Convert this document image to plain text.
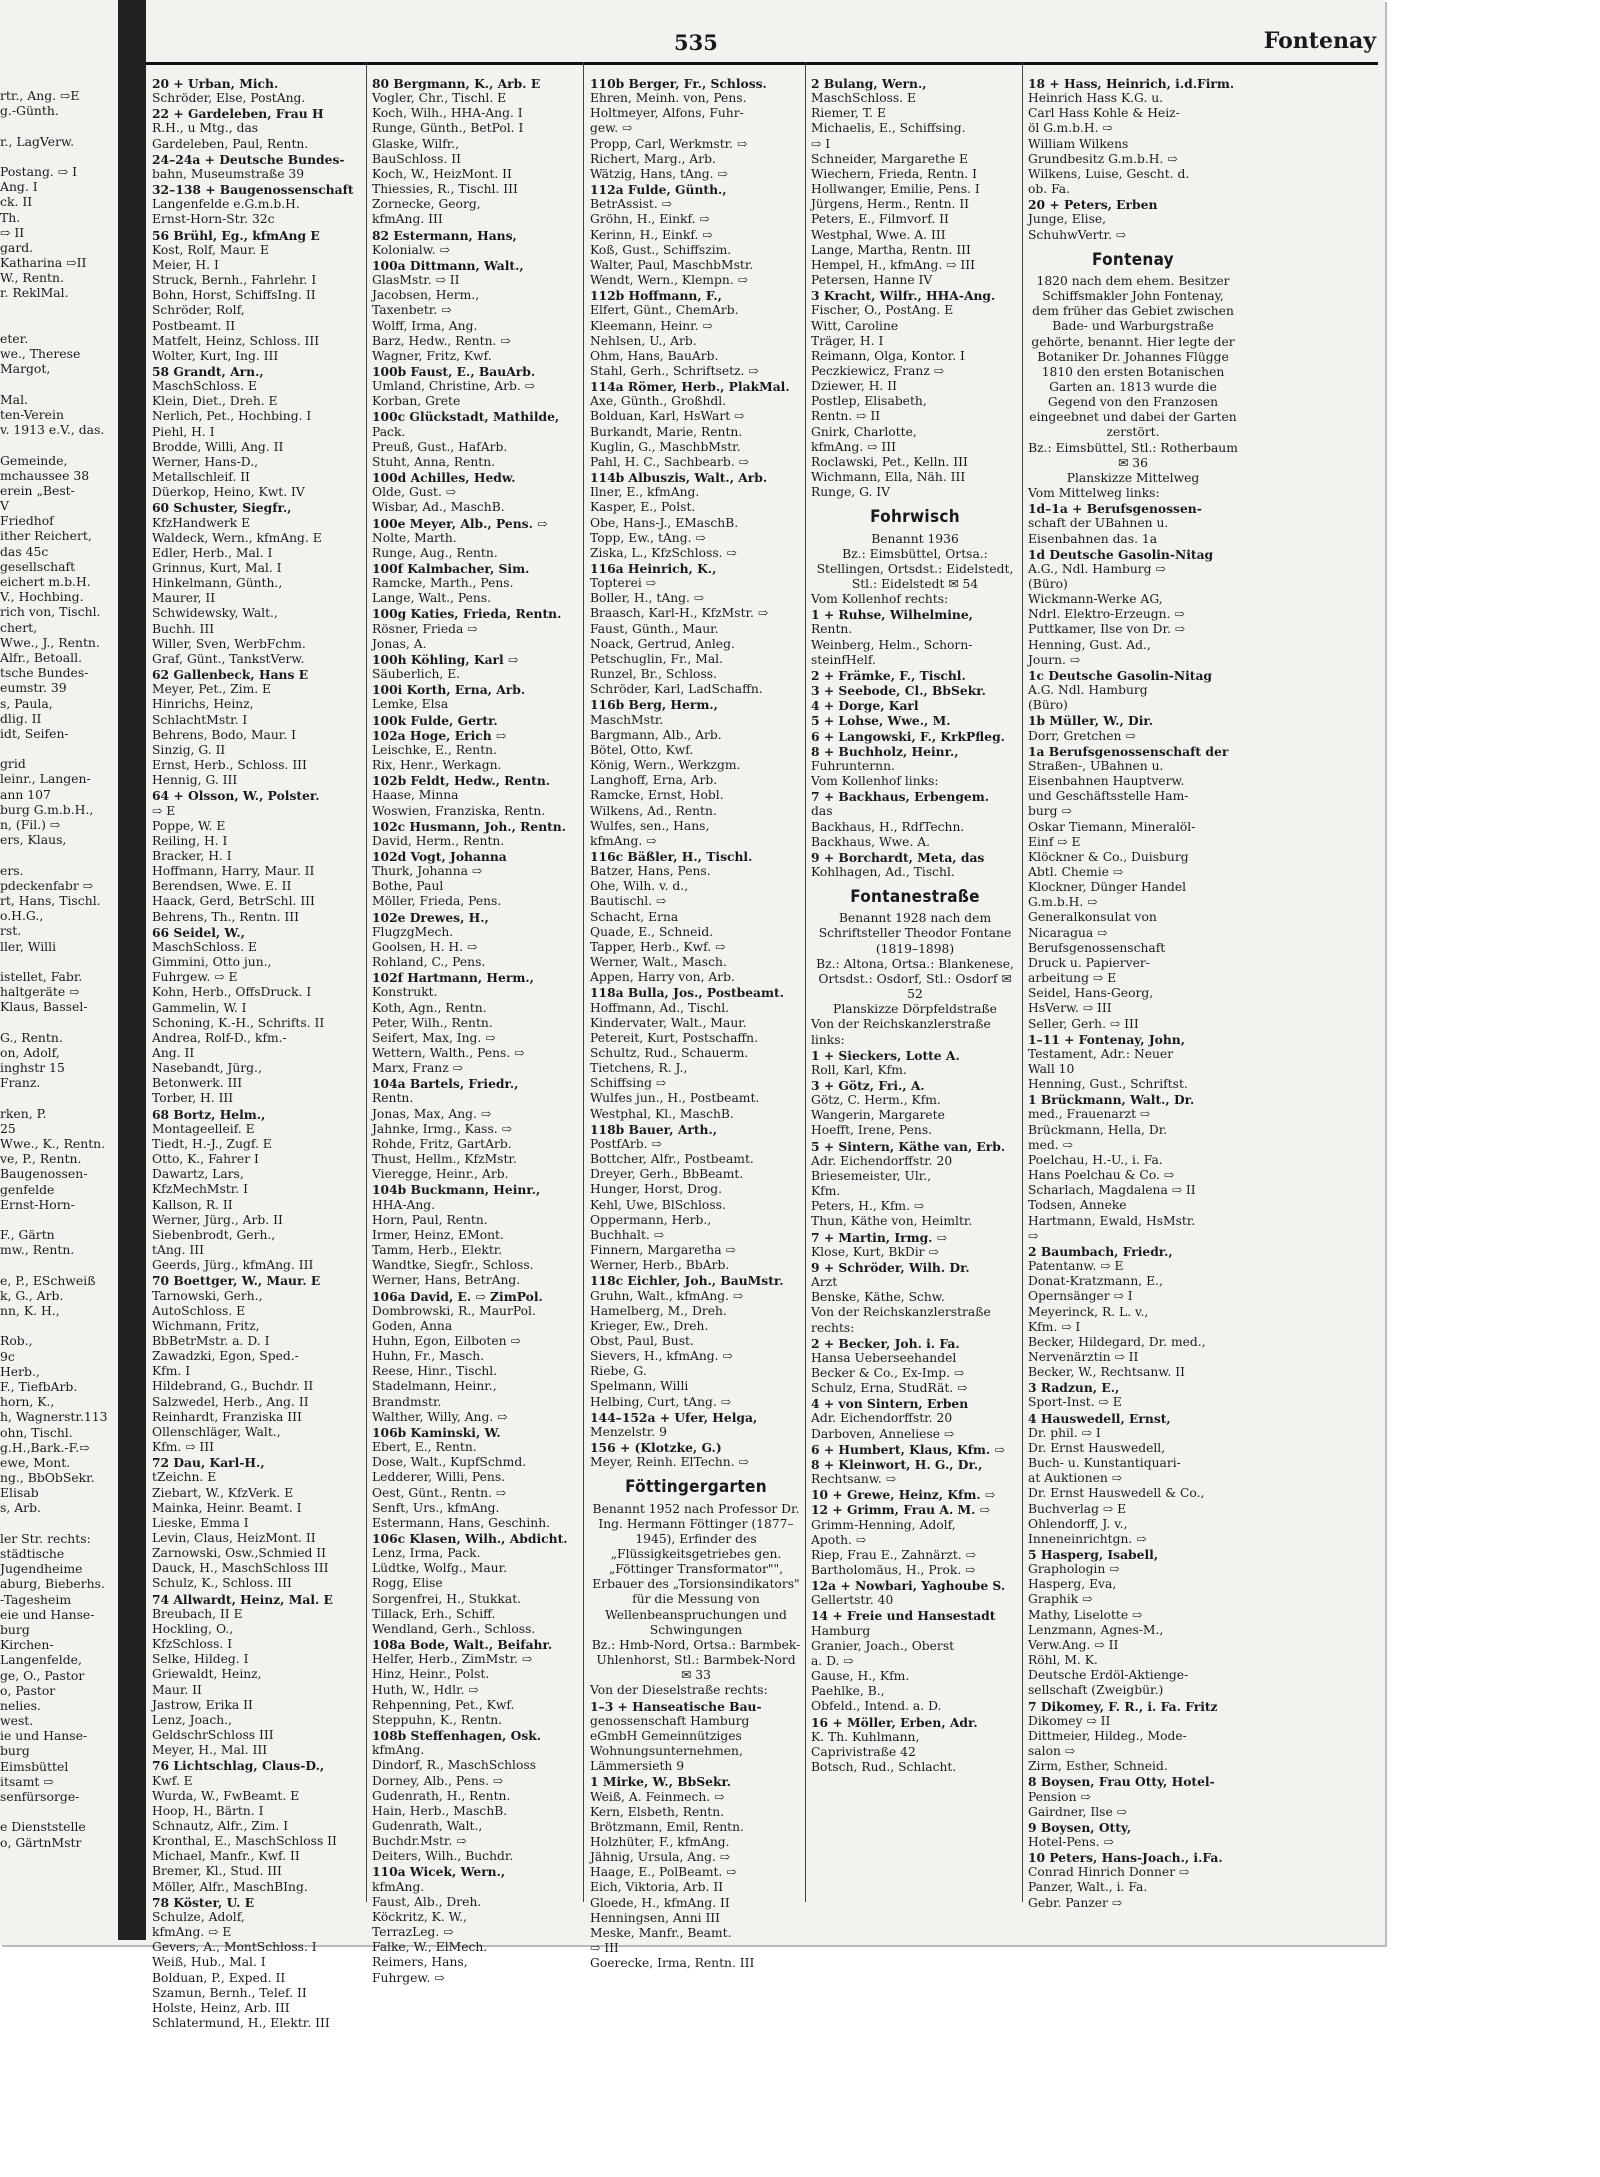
rtr., Ang. ⇨E
g.-Günth.
r., LagVerw.
Postang. ⇨ I
Ang. I
ck. II
Th.
⇨ II
gard.
Katharina ⇨II
W., Rentn.
r. ReklMal.
eter.
we., Therese
Margot,
Mal.
ten-Verein
v. 1913 e.V., das.
Gemeinde,
mchaussee 38
erein „Best-
V
Friedhof
ither Reichert,
das 45c
gesellschaft
eichert m.b.H.
V., Hochbing.
rich von, Tischl.
chert,
Wwe., J., Rentn.
Alfr., Betoall.
tsche Bundes-
eumstr. 39
s, Paula,
dlig. II
idt, Seifen-
grid
leinr., Langen-
ann 107
burg G.m.b.H.,
n, (Fil.) ⇨
ers, Klaus,
ers.
pdeckenfabr ⇨
rt, Hans, Tischl.
o.H.G.,
rst.
ller, Willi
istellet, Fabr.
haltgeräte ⇨
Klaus, Bassel-
G., Rentn.
on, Adolf,
inghstr 15
Franz.
rken, P.
25
Wwe., K., Rentn.
ve, P., Rentn.
Baugenossen-
genfelde
Ernst-Horn-
F., Gärtn
mw., Rentn.
e, P., ESchweiß
k, G., Arb.
nn, K. H.,
Rob.,
9c
Herb.,
F., TiefbArb.
horn, K.,
h, Wagnerstr.113
ohn, Tischl.
g.H.,Bark.-F.⇨
ewe, Mont.
ng., BbObSekr.
Elisab
s, Arb.
ler Str. rechts:
städtische
Jugendheime
aburg, Bieberhs.
-Tagesheim
eie und Hanse-
burg
Kirchen-
Langenfelde,
ge, O., Pastor
o, Pastor
nelies.
west.
ie und Hanse-
burg
Eimsbüttel
itsamt ⇨
senfürsorge-
e Dienststelle
o, GärtnMstr
535	Fontenay
20 + Urban, Mich.
Schröder, Else, PostAng.
22 + Gardeleben, Frau H
R.H., u Mtg., das
Gardeleben, Paul, Rentn.
24–24a + Deutsche Bundes-
bahn, Museumstraße 39
32–138 + Baugenossenschaft
Langenfelde e.G.m.b.H.
Ernst-Horn-Str. 32c
56 Brühl, Eg., kfmAng E
Kost, Rolf, Maur. E
Meier, H. I
Struck, Bernh., Fahrlehr. I
Bohn, Horst, SchiffsIng. II
Schröder, Rolf,
Postbeamt. II
Matfelt, Heinz, Schloss. III
Wolter, Kurt, Ing. III
58 Grandt, Arn.,
MaschSchloss. E
Klein, Diet., Dreh. E
Nerlich, Pet., Hochbing. I
Piehl, H. I
Brodde, Willi, Ang. II
Werner, Hans-D.,
Metallschleif. II
Düerkop, Heino, Kwt. IV
60 Schuster, Siegfr.,
KfzHandwerk E
Waldeck, Wern., kfmAng. E
Edler, Herb., Mal. I
Grinnus, Kurt, Mal. I
Hinkelmann, Günth.,
Maurer, II
Schwidewsky, Walt.,
Buchh. III
Willer, Sven, WerbFchm.
Graf, Günt., TankstVerw.
62 Gallenbeck, Hans E
Meyer, Pet., Zim. E
Hinrichs, Heinz,
SchlachtMstr. I
Behrens, Bodo, Maur. I
Sinzig, G. II
Ernst, Herb., Schloss. III
Hennig, G. III
64 + Olsson, W., Polster.
⇨ E
Poppe, W. E
Reiling, H. I
Bracker, H. I
Hoffmann, Harry, Maur. II
Berendsen, Wwe. E. II
Haack, Gerd, BetrSchl. III
Behrens, Th., Rentn. III
66 Seidel, W.,
MaschSchloss. E
Gimmini, Otto jun.,
Fuhrgew. ⇨ E
Kohn, Herb., OffsDruck. I
Gammelin, W. I
Schoning, K.-H., Schrifts. II
Andrea, Rolf-D., kfm.-
Ang. II
Nasebandt, Jürg.,
Betonwerk. III
Torber, H. III
68 Bortz, Helm.,
Montageelleif. E
Tiedt, H.-J., Zugf. E
Otto, K., Fahrer I
Dawartz, Lars,
KfzMechMstr. I
Kallson, R. II
Werner, Jürg., Arb. II
Siebenbrodt, Gerh.,
tAng. III
Geerds, Jürg., kfmAng. III
70 Boettger, W., Maur. E
Tarnowski, Gerh.,
AutoSchloss. E
Wichmann, Fritz,
BbBetrMstr. a. D. I
Zawadzki, Egon, Sped.-
Kfm. I
Hildebrand, G., Buchdr. II
Salzwedel, Herb., Ang. II
Reinhardt, Franziska III
Ollenschläger, Walt.,
Kfm. ⇨ III
72 Dau, Karl-H.,
tZeichn. E
Ziebart, W., KfzVerk. E
Mainka, Heinr. Beamt. I
Lieske, Emma I
Levin, Claus, HeizMont. II
Zarnowski, Osw.,Schmied II
Dauck, H., MaschSchloss III
Schulz, K., Schloss. III
74 Allwardt, Heinz, Mal. E
Breubach, II E
Hockling, O.,
KfzSchloss. I
Selke, Hildeg. I
Griewaldt, Heinz,
Maur. II
Jastrow, Erika II
Lenz, Joach.,
GeldschrSchloss III
Meyer, H., Mal. III
76 Lichtschlag, Claus-D.,
Kwf. E
Wurda, W., FwBeamt. E
Hoop, H., Bärtn. I
Schnautz, Alfr., Zim. I
Kronthal, E., MaschSchloss II
Michael, Manfr., Kwf. II
Bremer, Kl., Stud. III
Möller, Alfr., MaschBIng.
78 Köster, U. E
Schulze, Adolf,
kfmAng. ⇨ E
Gevers, A., MontSchloss. I
Weiß, Hub., Mal. I
Bolduan, P., Exped. II
Szamun, Bernh., Telef. II
Holste, Heinz, Arb. III
Schlatermund, H., Elektr. III
80 Bergmann, K., Arb. E
Vogler, Chr., Tischl. E
Koch, Wilh., HHA-Ang. I
Runge, Günth., BetPol. I
Glaske, Wilfr.,
BauSchloss. II
Koch, W., HeizMont. II
Thiessies, R., Tischl. III
Zornecke, Georg,
kfmAng. III
82 Estermann, Hans,
Kolonialw. ⇨
100a Dittmann, Walt.,
GlasMstr. ⇨ II
Jacobsen, Herm.,
Taxenbetr. ⇨
Wolff, Irma, Ang.
Barz, Hedw., Rentn. ⇨
Wagner, Fritz, Kwf.
100b Faust, E., BauArb.
Umland, Christine, Arb. ⇨
Korban, Grete
100c Glückstadt, Mathilde,
Pack.
Preuß, Gust., HafArb.
Stuht, Anna, Rentn.
100d Achilles, Hedw.
Olde, Gust. ⇨
Wisbar, Ad., MaschB.
100e Meyer, Alb., Pens. ⇨
Nolte, Marth.
Runge, Aug., Rentn.
100f Kalmbacher, Sim.
Ramcke, Marth., Pens.
Lange, Walt., Pens.
100g Katies, Frieda, Rentn.
Rösner, Frieda ⇨
Jonas, A.
100h Köhling, Karl ⇨
Säuberlich, E.
100i Korth, Erna, Arb.
Lemke, Elsa
100k Fulde, Gertr.
102a Hoge, Erich ⇨
Leischke, E., Rentn.
Rix, Henr., Werkagn.
102b Feldt, Hedw., Rentn.
Haase, Minna
Woswien, Franziska, Rentn.
102c Husmann, Joh., Rentn.
David, Herm., Rentn.
102d Vogt, Johanna
Thurk, Johanna ⇨
Bothe, Paul
Möller, Frieda, Pens.
102e Drewes, H.,
FlugzgMech.
Goolsen, H. H. ⇨
Rohland, C., Pens.
102f Hartmann, Herm.,
Konstrukt.
Koth, Agn., Rentn.
Peter, Wilh., Rentn.
Seifert, Max, Ing. ⇨
Wettern, Walth., Pens. ⇨
Marx, Franz ⇨
104a Bartels, Friedr.,
Rentn.
Jonas, Max, Ang. ⇨
Jahnke, Irmg., Kass. ⇨
Rohde, Fritz, GartArb.
Thust, Hellm., KfzMstr.
Vieregge, Heinr., Arb.
104b Buckmann, Heinr.,
HHA-Ang.
Horn, Paul, Rentn.
Irmer, Heinz, EMont.
Tamm, Herb., Elektr.
Wandtke, Siegfr., Schloss.
Werner, Hans, BetrAng.
106a David, E. ⇨ ZimPol.
Dombrowski, R., MaurPol.
Goden, Anna
Huhn, Egon, Eilboten ⇨
Huhn, Fr., Masch.
Reese, Hinr., Tischl.
Stadelmann, Heinr.,
Brandmstr.
Walther, Willy, Ang. ⇨
106b Kaminski, W.
Ebert, E., Rentn.
Dose, Walt., KupfSchmd.
Ledderer, Willi, Pens.
Oest, Günt., Rentn. ⇨
Senft, Urs., kfmAng.
Estermann, Hans, Geschinh.
106c Klasen, Wilh., Abdicht.
Lenz, Irma, Pack.
Lüdtke, Wolfg., Maur.
Rogg, Elise
Sorgenfrei, H., Stukkat.
Tillack, Erh., Schiff.
Wendland, Gerh., Schloss.
108a Bode, Walt., Beifahr.
Helfer, Herb., ZimMstr. ⇨
Hinz, Heinr., Polst.
Huth, W., Hdlr. ⇨
Rehpenning, Pet., Kwf.
Steppuhn, K., Rentn.
108b Steffenhagen, Osk.
kfmAng.
Dindorf, R., MaschSchloss
Dorney, Alb., Pens. ⇨
Gudenrath, H., Rentn.
Hain, Herb., MaschB.
Gudenrath, Walt.,
Buchdr.Mstr. ⇨
Deiters, Wilh., Buchdr.
110a Wicek, Wern.,
kfmAng.
Faust, Alb., Dreh.
Köckritz, K. W.,
TerrazLeg. ⇨
Falke, W., ElMech.
Reimers, Hans,
Fuhrgew. ⇨
110b Berger, Fr., Schloss.
Ehren, Meinh. von, Pens.
Holtmeyer, Alfons, Fuhr-
gew. ⇨
Propp, Carl, Werkmstr. ⇨
Richert, Marg., Arb.
Wätzig, Hans, tAng. ⇨
112a Fulde, Günth.,
BetrAssist. ⇨
Gröhn, H., Einkf. ⇨
Kerinn, H., Einkf. ⇨
Koß, Gust., Schiffszim.
Walter, Paul, MaschbMstr.
Wendt, Wern., Klempn. ⇨
112b Hoffmann, F.,
Elfert, Günt., ChemArb.
Kleemann, Heinr. ⇨
Nehlsen, U., Arb.
Ohm, Hans, BauArb.
Stahl, Gerh., Schriftsetz. ⇨
114a Römer, Herb., PlakMal.
Axe, Günth., Großhdl.
Bolduan, Karl, HsWart ⇨
Burkandt, Marie, Rentn.
Kuglin, G., MaschbMstr.
Pahl, H. C., Sachbearb. ⇨
114b Albuszis, Walt., Arb.
Ilner, E., kfmAng.
Kasper, E., Polst.
Obe, Hans-J., EMaschB.
Topp, Ew., tAng. ⇨
Ziska, L., KfzSchloss. ⇨
116a Heinrich, K.,
Topterei ⇨
Boller, H., tAng. ⇨
Braasch, Karl-H., KfzMstr. ⇨
Faust, Günth., Maur.
Noack, Gertrud, Anleg.
Petschuglin, Fr., Mal.
Runzel, Br., Schloss.
Schröder, Karl, LadSchaffn.
116b Berg, Herm.,
MaschMstr.
Bargmann, Alb., Arb.
Bötel, Otto, Kwf.
König, Wern., Werkzgm.
Langhoff, Erna, Arb.
Ramcke, Ernst, Hobl.
Wilkens, Ad., Rentn.
Wulfes, sen., Hans,
kfmAng. ⇨
116c Bäßler, H., Tischl.
Batzer, Hans, Pens.
Ohe, Wilh. v. d.,
Bautischl. ⇨
Schacht, Erna
Quade, E., Schneid.
Tapper, Herb., Kwf. ⇨
Werner, Walt., Masch.
Appen, Harry von, Arb.
118a Bulla, Jos., Postbeamt.
Hoffmann, Ad., Tischl.
Kindervater, Walt., Maur.
Petereit, Kurt, Postschaffn.
Schultz, Rud., Schauerm.
Tietchens, R. J.,
Schiffsing ⇨
Wulfes jun., H., Postbeamt.
Westphal, Kl., MaschB.
118b Bauer, Arth.,
PostfArb. ⇨
Bottcher, Alfr., Postbeamt.
Dreyer, Gerh., BbBeamt.
Hunger, Horst, Drog.
Kehl, Uwe, BlSchloss.
Oppermann, Herb.,
Buchhalt. ⇨
Finnern, Margaretha ⇨
Werner, Herb., BbArb.
118c Eichler, Joh., BauMstr.
Gruhn, Walt., kfmAng. ⇨
Hamelberg, M., Dreh.
Krieger, Ew., Dreh.
Obst, Paul, Bust.
Sievers, H., kfmAng. ⇨
Riebe, G.
Spelmann, Willi
Helbing, Curt, tAng. ⇨
144–152a + Ufer, Helga,
Menzelstr. 9
156 + (Klotzke, G.)
Meyer, Reinh. ElTechn. ⇨
Föttingergarten
Benannt 1952 nach Professor Dr. Ing. Hermann Föttinger (1877–1945), Erfinder des „Flüssigkeitsgetriebes gen. „Föttinger Transformator"", Erbauer des „Torsionsindikators" für die Messung von Wellenbeanspruchungen und Schwingungen
Bz.: Hmb-Nord, Ortsa.: Barmbek-Uhlenhorst, Stl.: Barmbek-Nord ✉ 33
Von der Dieselstraße rechts:
1–3 + Hanseatische Bau-
genossenschaft Hamburg
eGmbH Gemeinnütziges
Wohnungsunternehmen,
Lämmersieth 9
1 Mirke, W., BbSekr.
Weiß, A. Feinmech. ⇨
Kern, Elsbeth, Rentn.
Brötzmann, Emil, Rentn.
Holzhüter, F., kfmAng.
Jähnig, Ursula, Ang. ⇨
Haage, E., PolBeamt. ⇨
Eich, Viktoria, Arb. II
Gloede, H., kfmAng. II
Henningsen, Anni III
Meske, Manfr., Beamt.
⇨ III
Goerecke, Irma, Rentn. III
2 Bulang, Wern.,
MaschSchloss. E
Riemer, T. E
Michaelis, E., Schiffsing.
⇨ I
Schneider, Margarethe E
Wiechern, Frieda, Rentn. I
Hollwanger, Emilie, Pens. I
Jürgens, Herm., Rentn. II
Peters, E., Filmvorf. II
Westphal, Wwe. A. III
Lange, Martha, Rentn. III
Hempel, H., kfmAng. ⇨ III
Petersen, Hanne IV
3 Kracht, Wilfr., HHA-Ang.
Fischer, O., PostAng. E
Witt, Caroline
Träger, H. I
Reimann, Olga, Kontor. I
Peczkiewicz, Franz ⇨
Dziewer, H. II
Postlep, Elisabeth,
Rentn. ⇨ II
Gnirk, Charlotte,
kfmAng. ⇨ III
Roclawski, Pet., Kelln. III
Wichmann, Ella, Näh. III
Runge, G. IV
Fohrwisch
Benannt 1936
Bz.: Eimsbüttel, Ortsa.: Stellingen, Ortsdst.: Eidelstedt, Stl.: Eidelstedt ✉ 54
Vom Kollenhof rechts:
1 + Ruhse, Wilhelmine,
Rentn.
Weinberg, Helm., Schorn-
steinfHelf.
2 + Främke, F., Tischl.
3 + Seebode, Cl., BbSekr.
4 + Dorge, Karl
5 + Lohse, Wwe., M.
6 + Langowski, F., KrkPfleg.
8 + Buchholz, Heinr.,
Fuhrunternn.
Vom Kollenhof links:
7 + Backhaus, Erbengem.
das
Backhaus, H., RdfTechn.
Backhaus, Wwe. A.
9 + Borchardt, Meta, das
Kohlhagen, Ad., Tischl.
Fontanestraße
Benannt 1928 nach dem Schriftsteller Theodor Fontane (1819–1898)
Bz.: Altona, Ortsa.: Blankenese, Ortsdst.: Osdorf, Stl.: Osdorf ✉ 52
Planskizze Dörpfeldstraße
Von der Reichskanzlerstraße
links:
1 + Sieckers, Lotte A.
Roll, Karl, Kfm.
3 + Götz, Fri., A.
Götz, C. Herm., Kfm.
Wangerin, Margarete
Hoefft, Irene, Pens.
5 + Sintern, Käthe van, Erb.
Adr. Eichendorffstr. 20
Briesemeister, Ulr.,
Kfm.
Peters, H., Kfm. ⇨
Thun, Käthe von, Heimltr.
7 + Martin, Irmg. ⇨
Klose, Kurt, BkDir ⇨
9 + Schröder, Wilh. Dr.
Arzt
Benske, Käthe, Schw.
Von der Reichskanzlerstraße
rechts:
2 + Becker, Joh. i. Fa.
Hansa Ueberseehandel
Becker & Co., Ex-Imp. ⇨
Schulz, Erna, StudRät. ⇨
4 + von Sintern, Erben
Adr. Eichendorffstr. 20
Darboven, Anneliese ⇨
6 + Humbert, Klaus, Kfm. ⇨
8 + Kleinwort, H. G., Dr.,
Rechtsanw. ⇨
10 + Grewe, Heinz, Kfm. ⇨
12 + Grimm, Frau A. M. ⇨
Grimm-Henning, Adolf,
Apoth. ⇨
Riep, Frau E., Zahnärzt. ⇨
Bartholomäus, H., Prok. ⇨
12a + Nowbari, Yaghoube S.
Gellertstr. 40
14 + Freie und Hansestadt
Hamburg
Granier, Joach., Oberst
a. D. ⇨
Gause, H., Kfm.
Paehlke, B.,
Obfeld., Intend. a. D.
16 + Möller, Erben, Adr.
K. Th. Kuhlmann,
Caprivistraße 42
Botsch, Rud., Schlacht.
18 + Hass, Heinrich, i.d.Firm.
Heinrich Hass K.G. u.
Carl Hass Kohle & Heiz-
öl G.m.b.H. ⇨
William Wilkens
Grundbesitz G.m.b.H. ⇨
Wilkens, Luise, Gescht. d.
ob. Fa.
20 + Peters, Erben
Junge, Elise,
SchuhwVertr. ⇨
Fontenay
1820 nach dem ehem. Besitzer Schiffsmakler John Fontenay, dem früher das Gebiet zwischen Bade- und Warburgstraße gehörte, benannt. Hier legte der Botaniker Dr. Johannes Flügge 1810 den ersten Botanischen Garten an. 1813 wurde die Gegend von den Franzosen eingeebnet und dabei der Garten zerstört.
Bz.: Eimsbüttel, Stl.: Rotherbaum ✉ 36
Planskizze Mittelweg
Vom Mittelweg links:
1d–1a + Berufsgenossen-
schaft der UBahnen u.
Eisenbahnen das. 1a
1d Deutsche Gasolin-Nitag
A.G., Ndl. Hamburg ⇨
(Büro)
Wickmann-Werke AG,
Ndrl. Elektro-Erzeugn. ⇨
Puttkamer, Ilse von Dr. ⇨
Henning, Gust. Ad.,
Journ. ⇨
1c Deutsche Gasolin-Nitag
A.G. Ndl. Hamburg
(Büro)
1b Müller, W., Dir.
Dorr, Gretchen ⇨
1a Berufsgenossenschaft der
Straßen-, UBahnen u.
Eisenbahnen Hauptverw.
und Geschäftsstelle Ham-
burg ⇨
Oskar Tiemann, Mineralöl-
Einf ⇨ E
Klöckner & Co., Duisburg
Abtl. Chemie ⇨
Klockner, Dünger Handel
G.m.b.H. ⇨
Generalkonsulat von
Nicaragua ⇨
Berufsgenossenschaft
Druck u. Papierver-
arbeitung ⇨ E
Seidel, Hans-Georg,
HsVerw. ⇨ III
Seller, Gerh. ⇨ III
1–11 + Fontenay, John,
Testament, Adr.: Neuer
Wall 10
Henning, Gust., Schriftst.
1 Brückmann, Walt., Dr.
med., Frauenarzt ⇨
Brückmann, Hella, Dr.
med. ⇨
Poelchau, H.-U., i. Fa.
Hans Poelchau & Co. ⇨
Scharlach, Magdalena ⇨ II
Todsen, Anneke
Hartmann, Ewald, HsMstr.
⇨
2 Baumbach, Friedr.,
Patentanw. ⇨ E
Donat-Kratzmann, E.,
Opernsänger ⇨ I
Meyerinck, R. L. v.,
Kfm. ⇨ I
Becker, Hildegard, Dr. med.,
Nervenärztin ⇨ II
Becker, W., Rechtsanw. II
3 Radzun, E.,
Sport-Inst. ⇨ E
4 Hauswedell, Ernst,
Dr. phil. ⇨ I
Dr. Ernst Hauswedell,
Buch- u. Kunstantiquari-
at Auktionen ⇨
Dr. Ernst Hauswedell & Co.,
Buchverlag ⇨ E
Ohlendorff, J. v.,
Inneneinrichtgn. ⇨
5 Hasperg, Isabell,
Graphologin ⇨
Hasperg, Eva,
Graphik ⇨
Mathy, Liselotte ⇨
Lenzmann, Agnes-M.,
Verw.Ang. ⇨ II
Röhl, M. K.
Deutsche Erdöl-Aktienge-
sellschaft (Zweigbür.)
7 Dikomey, F. R., i. Fa. Fritz
Dikomey ⇨ II
Dittmeier, Hildeg., Mode-
salon ⇨
Zirm, Esther, Schneid.
8 Boysen, Frau Otty, Hotel-
Pension ⇨
Gairdner, Ilse ⇨
9 Boysen, Otty,
Hotel-Pens. ⇨
10 Peters, Hans-Joach., i.Fa.
Conrad Hinrich Donner ⇨
Panzer, Walt., i. Fa.
Gebr. Panzer ⇨
